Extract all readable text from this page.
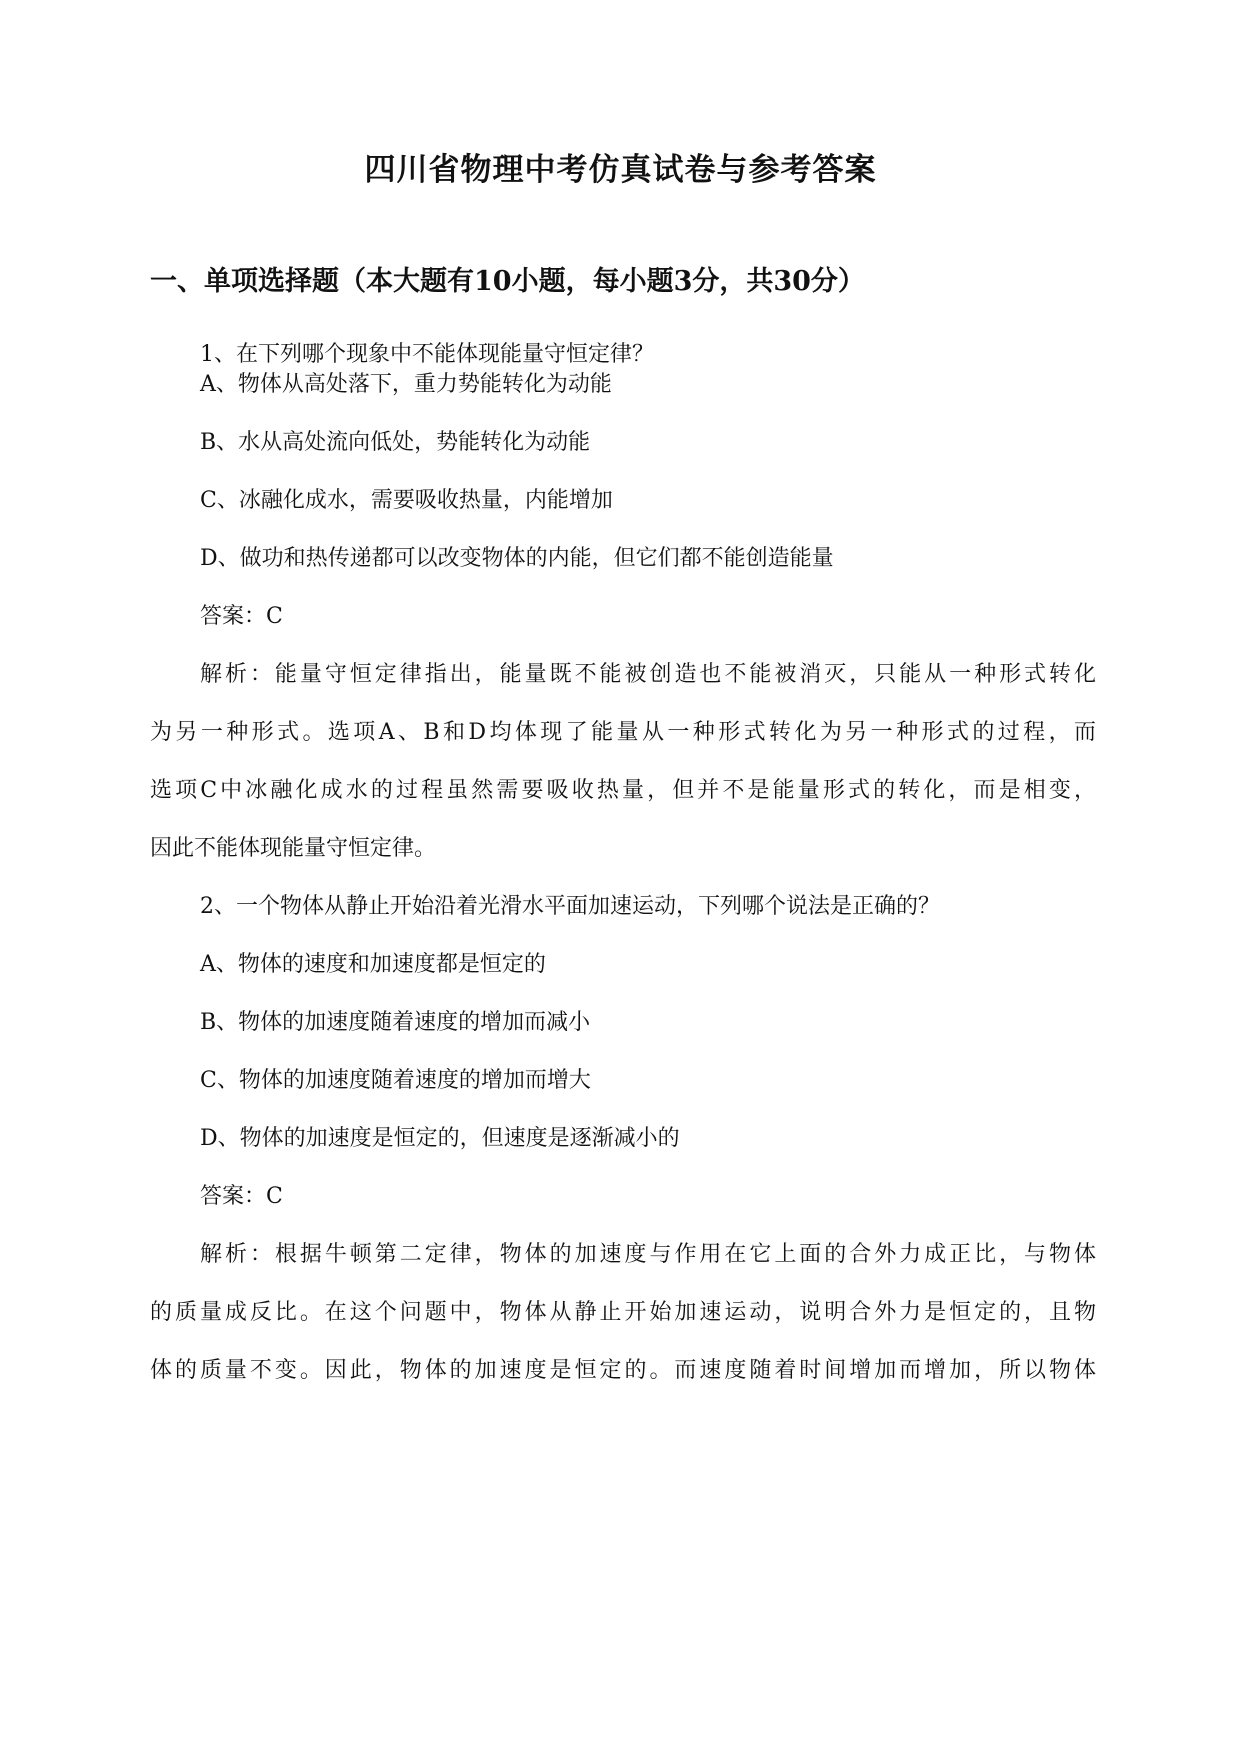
四川省物理中考仿真试卷与参考答案
一、单项选择题（本大题有10小题，每小题3分，共30分）
1、在下列哪个现象中不能体现能量守恒定律？
A、物体从高处落下，重力势能转化为动能
B、水从高处流向低处，势能转化为动能
C、冰融化成水，需要吸收热量，内能增加
D、做功和热传递都可以改变物体的内能，但它们都不能创造能量
答案：C
解析：能量守恒定律指出，能量既不能被创造也不能被消灭，只能从一种形式转化
为另一种形式。选项A、B和D均体现了能量从一种形式转化为另一种形式的过程，而
选项C中冰融化成水的过程虽然需要吸收热量，但并不是能量形式的转化，而是相变，
因此不能体现能量守恒定律。
2、一个物体从静止开始沿着光滑水平面加速运动，下列哪个说法是正确的？
A、物体的速度和加速度都是恒定的
B、物体的加速度随着速度的增加而减小
C、物体的加速度随着速度的增加而增大
D、物体的加速度是恒定的，但速度是逐渐减小的
答案：C
解析：根据牛顿第二定律，物体的加速度与作用在它上面的合外力成正比，与物体
的质量成反比。在这个问题中，物体从静止开始加速运动，说明合外力是恒定的，且物
体的质量不变。因此，物体的加速度是恒定的。而速度随着时间增加而增加，所以物体
